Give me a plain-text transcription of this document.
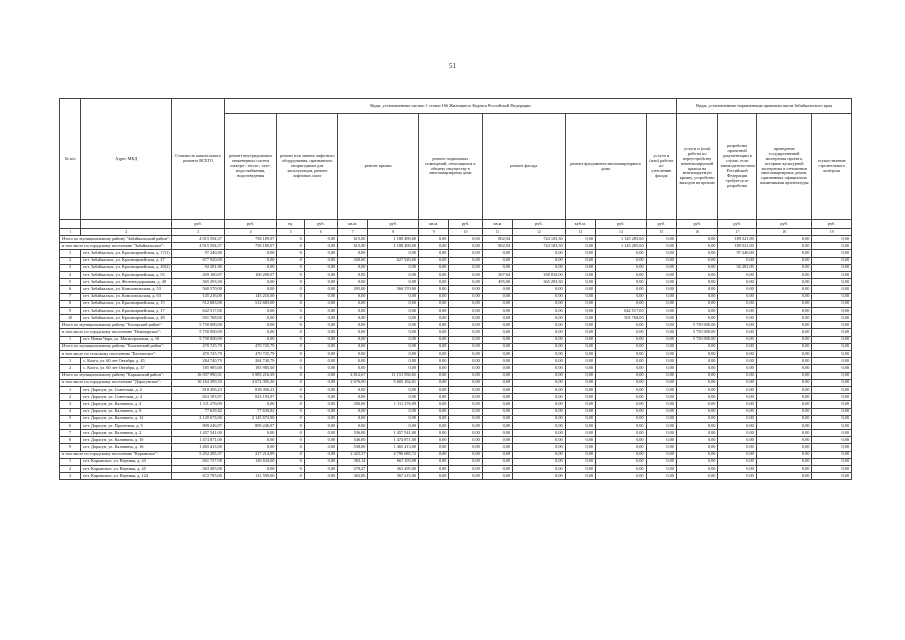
51
№ п/п	Адрес МКД	Стоимость капитального ремонта ВСЕГО	Виды, установленные частью 1 статьи 166 Жилищного Кодекса Российской Федерации												Виды, установленные нормативным правовым актом Забайкальского края			
			ремонт внутридомовых инженерных систем электро-, тепло-, газо-, водоснабжения, водоотведения	ремонт или замена лифтового оборудования, признанного непригодным для эксплуатации, ремонт лифтовых шахт		ремонт крыши		ремонт подвальных помещений, относящихся к общему имуществу в многоквартирном доме		ремонт фасада		ремонт фундамента многоквартирного дома		услуги и (или) работы по утеплению фасада	услуги и (или) работы по переустройству невентилируемой крыши на вентилируемую крышу, устройство выходов на кровлю	разработка проектной документации в случае, если законодательством Российской Федерации требуется ее разработка	проведение государственной экспертизы проекта, историко-культурной экспертизы в отношении многоквартирных домов, признанных официально памятниками архитектуры	осуществление строительного контроля
		руб.	руб.	ед.	руб.	кв.м.	руб.	кв.м.	руб.	кв.м	руб.	куб.м.	руб.	руб.	руб.	руб.	руб.	руб.
1	2	3	4	5	6	7	8	9	10	11	12	13	14	15	16	17	18	19
Итого по муниципальному району "Забайкальский район":		4 915 594,37	758 189,07	0	0,00	615,00	1 188 490,00	0,00	0,00	802,94	724 103,30	0,00	1 145 285,60	0,00	0,00	189 521,00	0,00	0,00
в том числе по городскому поселению "Забайкальское":		4 915 594,37	758 189,07	0	0,00	615,00	1 188 490,00	0,00	0,00	802,94	724 103,30	0,00	1 145 285,60	0,00	0,00	189 521,00	0,00	0,00
1	пгт. Забайкальск, ул. Красноармейская, д. 17(1)	97 240,00	0,00	0	0,00	0,00	0,00	0,00	0,00	0,00	0,00	0,00	0,00	0,00	0,00	97 240,00	0,00	0,00
2	пгт. Забайкальск, ул. Красноармейская, д. 47	677 920,00	0,00	0	0,00	320,00	627 920,00	0,00	0,00	0,00	0,00	0,00	0,00	0,00	0,00	0,00	0,00	0,00
3	пгт. Забайкальск, ул. Красноармейская, д. 49(2)	92 281,00	0,00	0	0,00	0,00	0,00	0,00	0,00	0,00	0,00	0,00	0,00	0,00	0,00	92 281,00	0,00	0,00
4	пгт. Забайкальск, ул. Красноармейская, д. 53	459 100,07	100 290,07	0	0,00	0,00	0,00	0,00	0,00	307,94	358 810,00	0,00	0,00	0,00	0,00	0,00	0,00	0,00
5	пгт. Забайкальск, ул. Железнодорожная, д. 40	365 293,30	0,00	0	0,00	0,00	0,00	0,00	0,00	495,00	365 293,30	0,00	0,00	0,00	0,00	0,00	0,00	0,00
6	пгт. Забайкальск, ул. Комсомольская, д. 53	560 570,00	0,00	0	0,00	295,00	560 570,00	0,00	0,00	0,00	0,00	0,00	0,00	0,00	0,00	0,00	0,00	0,00
7	пгт. Забайкальск, ул. Комсомольская, д. 63	145 216,00	145 216,00	0	0,00	0,00	0,00	0,00	0,00	0,00	0,00	0,00	0,00	0,00	0,00	0,00	0,00	0,00
8	пгт. Забайкальск, ул. Красноармейская, д. 15	512 683,00	512 683,00	0	0,00	0,00	0,00	0,00	0,00	0,00	0,00	0,00	0,00	0,00	0,00	0,00	0,00	0,00
9	пгт. Забайкальск, ул. Красноармейская, д. 17	642 517,00	0,00	0	0,00	0,00	0,00	0,00	0,00	0,00	0,00	0,00	642 517,00	0,00	0,00	0,00	0,00	0,00
10	пгт. Забайкальск, ул. Красноармейская, д. 49	501 768,00	0,00	0	0,00	0,00	0,00	0,00	0,00	0,00	0,00	0,00	501 768,00	0,00	0,00	0,00	0,00	0,00
Итого по муниципальному району "Каларский район":		5 750 000,00	0,00	0	0,00	0,00	0,00	0,00	0,00	0,00	0,00	0,00	0,00	0,00	5 750 000,00	0,00	0,00	0,00
в том числе по городскому поселению "Новочарское":		5 750 000,00	0,00	0	0,00	0,00	0,00	0,00	0,00	0,00	0,00	0,00	0,00	0,00	5 750 000,00	0,00	0,00	0,00
1	пгт. Новая Чара, ул. Магистральная, д. 10	5 750 000,00	0,00	0	0,00	0,00	0,00	0,00	0,00	0,00	0,00	0,00	0,00	0,00	5 750 000,00	0,00	0,00	0,00
Итого по муниципальному району "Калганский район":		470 725,79	470 725,79	0	0,00	0,00	0,00	0,00	0,00	0,00	0,00	0,00	0,00	0,00	0,00	0,00	0,00	0,00
в том числе по сельскому поселению "Калганское":		470 725,79	470 725,79	0	0,00	0,00	0,00	0,00	0,00	0,00	0,00	0,00	0,00	0,00	0,00	0,00	0,00	0,00
1	с. Калга, ул. 60 лет Октября, д. 45	284 740,79	284 740,79	0	0,00	0,00	0,00	0,00	0,00	0,00	0,00	0,00	0,00	0,00	0,00	0,00	0,00	0,00
2	с. Калга, ул. 60 лет Октября, д. 47	185 985,00	185 985,00	0	0,00	0,00	0,00	0,00	0,00	0,00	0,00	0,00	0,00	0,00	0,00	0,00	0,00	0,00
Итого по муниципальному району "Карымский район":		16 957 990,31	5 985 216,39	0	0,00	4 812,67	11 151 956,65	0,00	0,00	0,00	0,00	0,00	0,00	0,00	0,00	0,00	0,00	0,00
в том числе по городскому поселению "Дарасунское":		10 164 399,33	4 672 395,36	0	0,00	2 676,00	5 605 162,01	0,00	0,00	0,00	0,00	0,00	0,00	0,00	0,00	0,00	0,00	0,00
1	пгт. Дарасун, ул. Советская, д. 2	818 456,23	818 456,23	0	0,00	0,00	0,00	0,00	0,00	0,00	0,00	0,00	0,00	0,00	0,00	0,00	0,00	0,00
2	пгт. Дарасун, ул. Советская, д. 4	823 193,97	823 193,97	0	0,00	0,00	0,00	0,00	0,00	0,00	0,00	0,00	0,00	0,00	0,00	0,00	0,00	0,00
3	пгт. Дарасун, ул. Калинина, д. 4	1 111 276,09	0,00	0	0,00	456,00	1 111 276,09	0,00	0,00	0,00	0,00	0,00	0,00	0,00	0,00	0,00	0,00	0,00
4	пгт. Дарасун, ул. Калинина, д. 8	77 639,82	77 639,82	0	0,00	0,00	0,00	0,00	0,00	0,00	0,00	0,00	0,00	0,00	0,00	0,00	0,00	0,00
5	пгт. Дарасун, ул. Калинина, д. 12	2 145 673,90	2 145 673,90	0	0,00	0,00	0,00	0,00	0,00	0,00	0,00	0,00	0,00	0,00	0,00	0,00	0,00	0,00
6	пгт. Дарасун, ул. Пролетная, д. 5	809 246,97	809 246,97	0	0,00	0,00	0,00	0,00	0,00	0,00	0,00	0,00	0,00	0,00	0,00	0,00	0,00	0,00
7	пгт. Дарасун, ул. Калинина, д. 2	1 457 541,00	0,00	0	0,00	536,00	1 457 541,00	0,00	0,00	0,00	0,00	0,00	0,00	0,00	0,00	0,00	0,00	0,00
8	пгт. Дарасун, ул. Калинина, д. 10	1 474 871,00	0,00	0	0,00	546,00	1 474 871,00	0,00	0,00	0,00	0,00	0,00	0,00	0,00	0,00	0,00	0,00	0,00
9	пгт. Дарасун, ул. Калинина, д. 16	1 465 413,00	0,00	0	0,00	538,00	1 465 413,00	0,00	0,00	0,00	0,00	0,00	0,00	0,00	0,00	0,00	0,00	0,00
в том числе по городскому поселению "Карымское":		5 452 285,37	217 214,99	0	0,00	2 425,37	4 796 685,72	0,00	0,00	0,00	0,00	0,00	0,00	0,00	0,00	0,00	0,00	0,00
1	пгт. Карымское, ул. Верхняя, д. 43	661 737,98	126 634,00	0	0,00	383,14	661 103,98	0,00	0,00	0,00	0,00	0,00	0,00	0,00	0,00	0,00	0,00	0,00
2	пгт. Карымское, ул. Верхняя, д. 45	363 495,00	0,00	0	0,00	270,27	363 495,00	0,00	0,00	0,00	0,00	0,00	0,00	0,00	0,00	0,00	0,00	0,00
3	пгт. Карымское, ул. Верхняя, д. 124	672 795,00	131 599,00	0	0,00	402,00	567 215,00	0,00	0,00	0,00	0,00	0,00	0,00	0,00	0,00	0,00	0,00	0,00
